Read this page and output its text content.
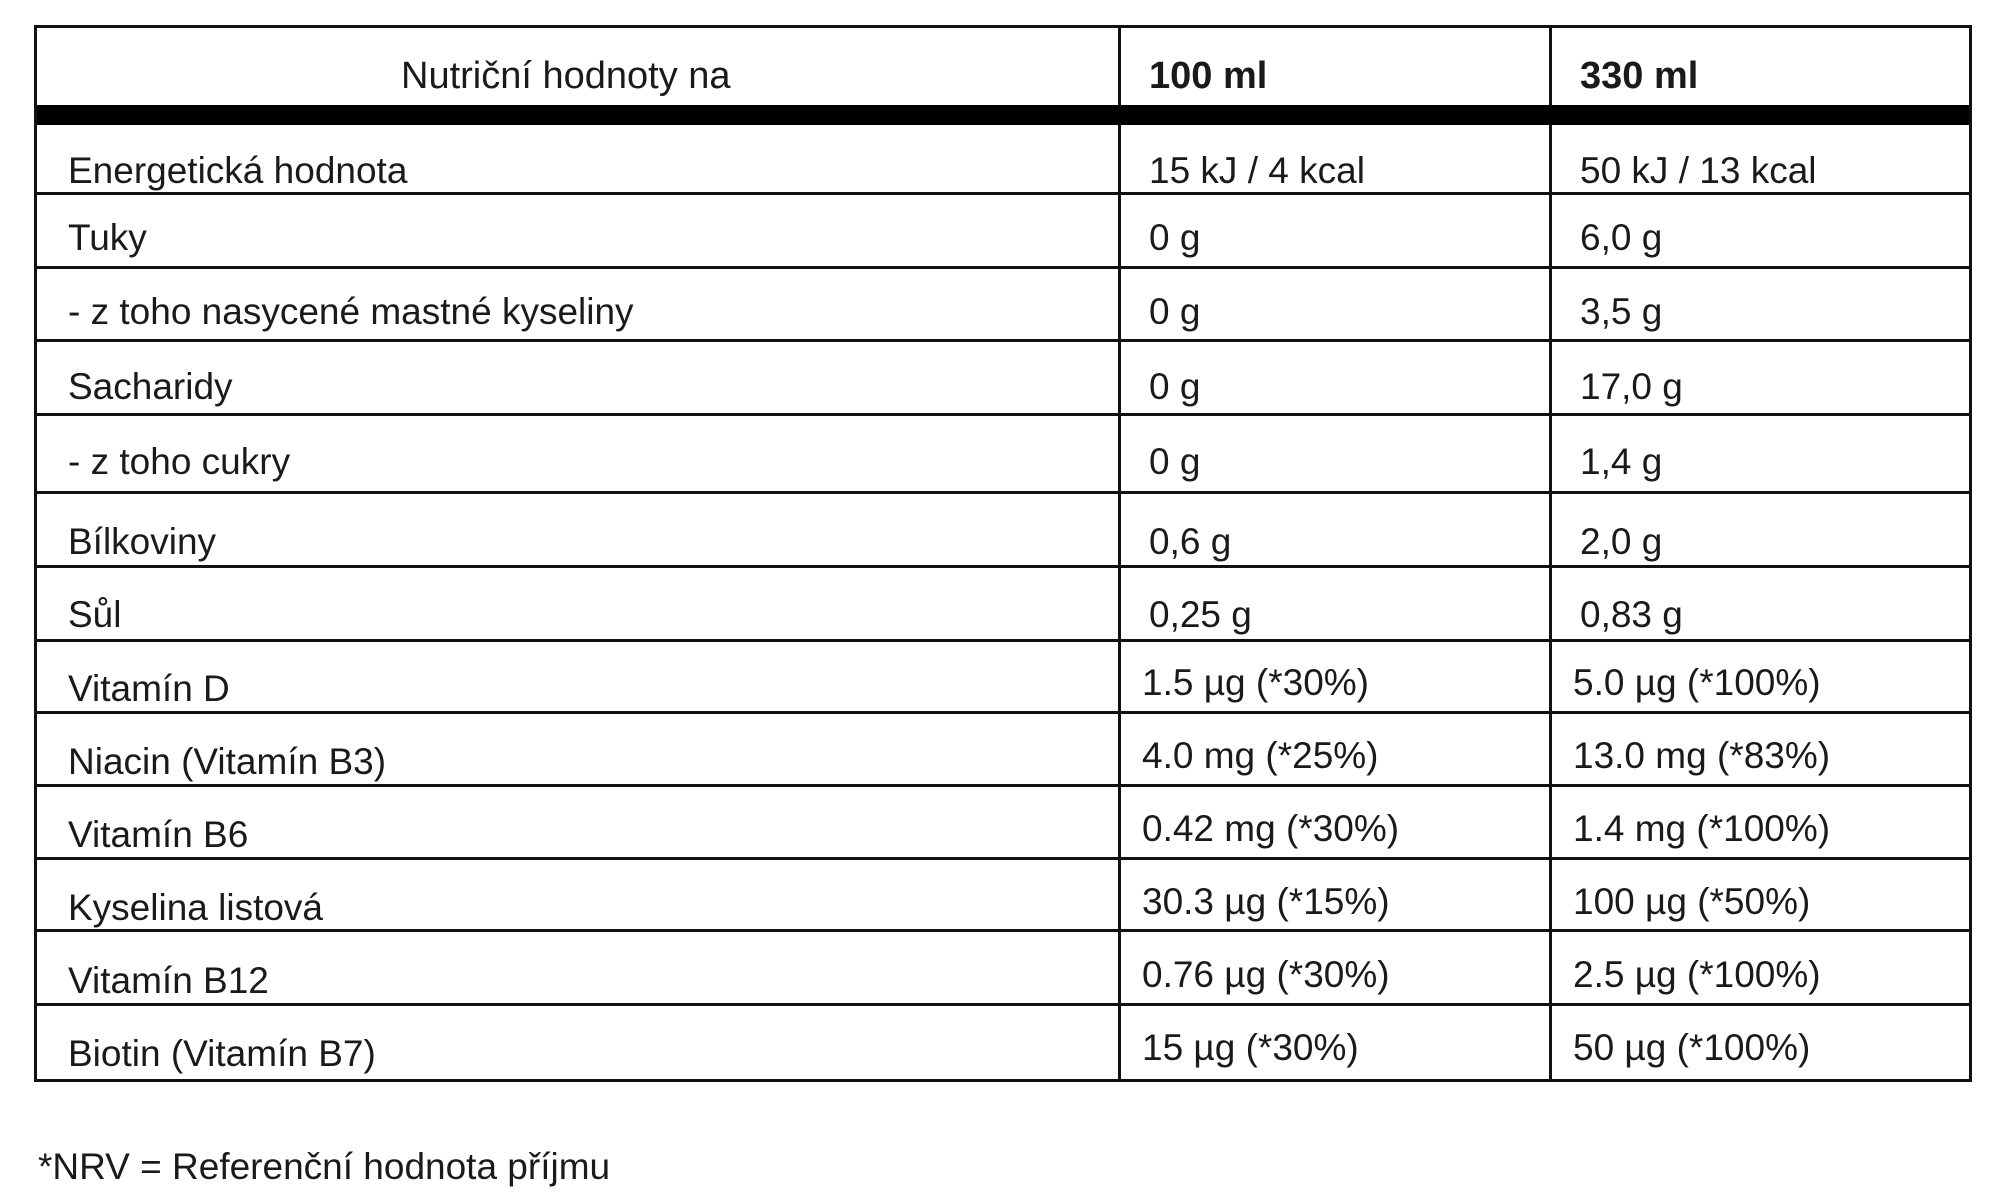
Nutriční hodnoty na	100 ml	330 ml
Energetická hodnota	15 kJ / 4 kcal	50 kJ / 13 kcal
Tuky	0 g	6,0 g
- z toho nasycené mastné kyseliny	0 g	3,5 g
Sacharidy	0 g	17,0 g
- z toho cukry	0 g	1,4 g
Bílkoviny	0,6 g	2,0 g
Sůl	0,25 g	0,83 g
Vitamín D	1.5 µg (*30%)	5.0 µg (*100%)
Niacin (Vitamín B3)	4.0 mg (*25%)	13.0 mg (*83%)
Vitamín B6	0.42 mg (*30%)	1.4 mg (*100%)
Kyselina listová	30.3 µg (*15%)	100 µg (*50%)
Vitamín B12	0.76 µg (*30%)	2.5 µg (*100%)
Biotin (Vitamín B7)	15 µg (*30%)	50 µg (*100%)
*NRV = Referenční hodnota příjmu
